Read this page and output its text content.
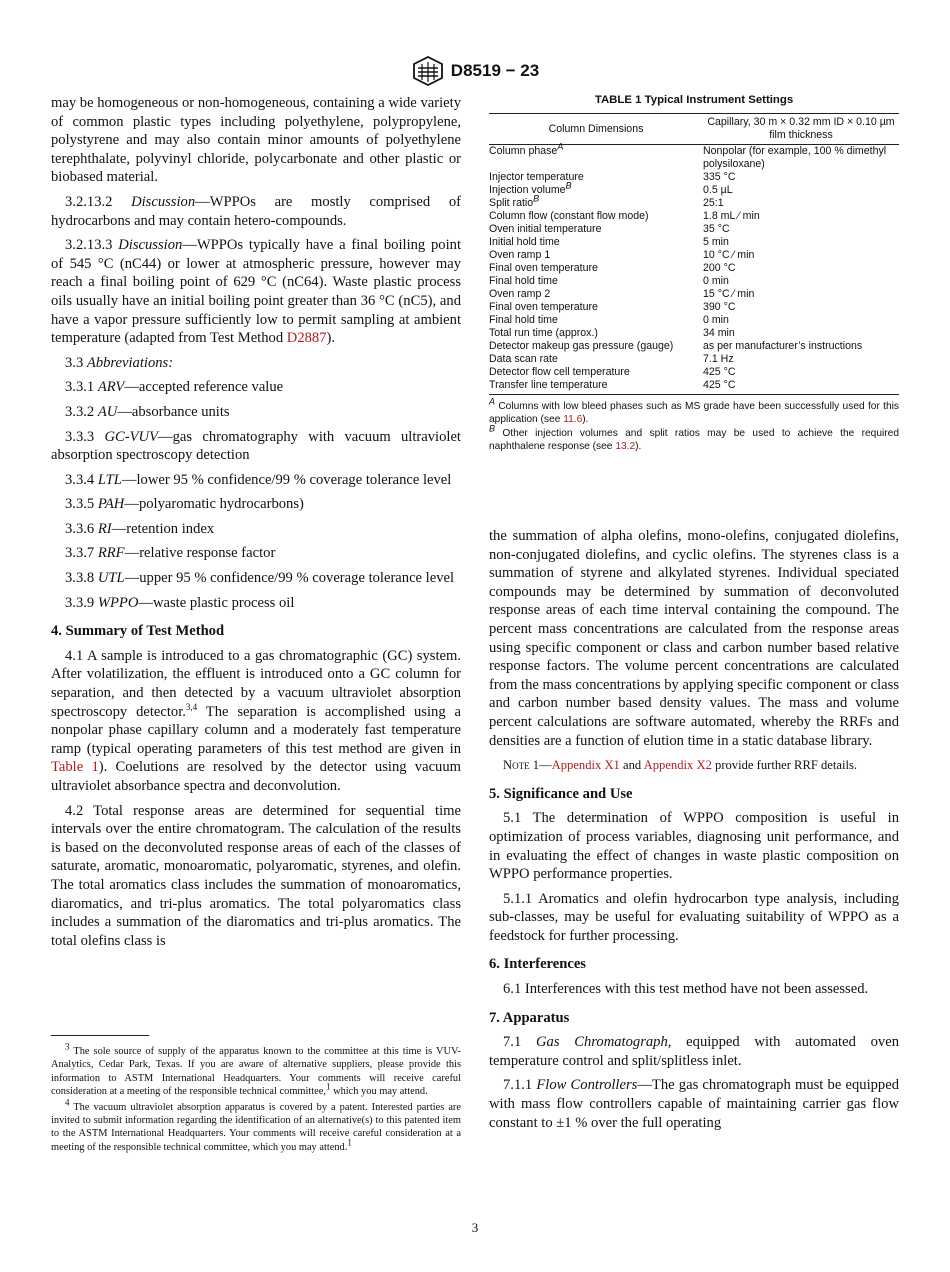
D8519 − 23

may be homogeneous or non-homogeneous, containing a wide variety of common plastic types including polyethylene, polypropylene, polystyrene and may also contain minor amounts of polyethylene terephthalate, polyvinyl chloride, polycarbonate and other plastic or biobased material.

3.2.13.2 Discussion—WPPOs are mostly comprised of hydrocarbons and may contain hetero-compounds.

3.2.13.3 Discussion—WPPOs typically have a final boiling point of 545 °C (nC44) or lower at atmospheric pressure, however may reach a final boiling point of 629 °C (nC64). Waste plastic process oils usually have an initial boiling point greater than 36 °C (nC5), and have a vapor pressure sufficiently low to permit sampling at ambient temperature (adapted from Test Method D2887).

3.3 Abbreviations:

3.3.1 ARV—accepted reference value

3.3.2 AU—absorbance units

3.3.3 GC-VUV—gas chromatography with vacuum ultraviolet absorption spectroscopy detection

3.3.4 LTL—lower 95 % confidence/99 % coverage tolerance level

3.3.5 PAH—polyaromatic hydrocarbons)

3.3.6 RI—retention index

3.3.7 RRF—relative response factor

3.3.8 UTL—upper 95 % confidence/99 % coverage tolerance level

3.3.9 WPPO—waste plastic process oil

4. Summary of Test Method

4.1 A sample is introduced to a gas chromatographic (GC) system. After volatilization, the effluent is introduced onto a GC column for separation, and then detected by a vacuum ultraviolet absorption spectroscopy detector.$^{3,4}$ The separation is accomplished using a nonpolar phase capillary column and a moderately fast temperature ramp (typical operating parameters of this test method are given in Table 1). Coelutions are resolved by the detector using vacuum ultraviolet absorbance spectra and deconvolution.

4.2 Total response areas are determined for sequential time intervals over the entire chromatogram. The calculation of the results is based on the deconvoluted response areas of each of the classes of saturate, aromatic, monoaromatic, polyaromatic, styrenes, and olefin. The total aromatics class includes the summation of monoaromatics, diaromatics, and tri-plus aromatics. The total polyaromatics class includes a summation of the diaromatics and tri-plus aromatics. The total olefins class is

TABLE 1 Typical Instrument Settings
Column Dimensions	Capillary, 30 m × 0.32 mm ID × 0.10 µm film thickness
Column phase$^A$	Nonpolar (for example, 100 % dimethyl polysiloxane)
Injector temperature	335 °C
Injection volume$^B$	0.5 µL
Split ratio$^B$	25:1
Column flow (constant flow mode)	1.8 mL ⁄ min
Oven initial temperature	35 °C
Initial hold time	5 min
Oven ramp 1	10 °C ⁄ min
Final oven temperature	200 °C
Final hold time	0 min
Oven ramp 2	15 °C ⁄ min
Final oven temperature	390 °C
Final hold time	0 min
Total run time (approx.)	34 min
Detector makeup gas pressure (gauge)	as per manufacturer’s instructions
Data scan rate	7.1 Hz
Detector flow cell temperature	425 °C
Transfer line temperature	425 °C

$^A$ Columns with low bleed phases such as MS grade have been successfully used for this application (see 11.6).

$^B$ Other injection volumes and split ratios may be used to achieve the required naphthalene response (see 13.2).

the summation of alpha olefins, mono-olefins, conjugated diolefins, non-conjugated diolefins, and cyclic olefins. The styrenes class is a summation of styrene and alkylated styrenes. Individual speciated compounds may be determined by summation of deconvoluted response areas of each time interval containing the compound. The percent mass concentrations are calculated from the response areas using specific component or class and carbon number based relative response factors. The volume percent concentrations are calculated from the mass concentrations by applying specific component or class and carbon number based density values. The mass and volume percent calculations are software automated, whereby the RRFs and densities are a function of elution time in a static database library.

Note 1—Appendix X1 and Appendix X2 provide further RRF details.

5. Significance and Use

5.1 The determination of WPPO composition is useful in optimization of process variables, diagnosing unit performance, and in evaluating the effect of changes in waste plastic composition on WPPO performance properties.

5.1.1 Aromatics and olefin hydrocarbon type analysis, including sub-classes, may be useful for evaluating suitability of WPPO as a feedstock for further processing.

6. Interferences

6.1 Interferences with this test method have not been assessed.

7. Apparatus

7.1 Gas Chromatograph, equipped with automated oven temperature control and split/splitless inlet.

7.1.1 Flow Controllers—The gas chromatograph must be equipped with mass flow controllers capable of maintaining carrier gas flow constant to ±1 % over the full operating

$^3$ The sole source of supply of the apparatus known to the committee at this time is VUV-Analytics, Cedar Park, Texas. If you are aware of alternative suppliers, please provide this information to ASTM International Headquarters. Your comments will receive careful consideration at a meeting of the responsible technical committee,$^1$ which you may attend.

$^4$ The vacuum ultraviolet absorption apparatus is covered by a patent. Interested parties are invited to submit information regarding the identification of an alternative(s) to this patented item to the ASTM International Headquarters. Your comments will receive careful consideration at a meeting of the responsible technical committee, which you may attend.$^1$

3
